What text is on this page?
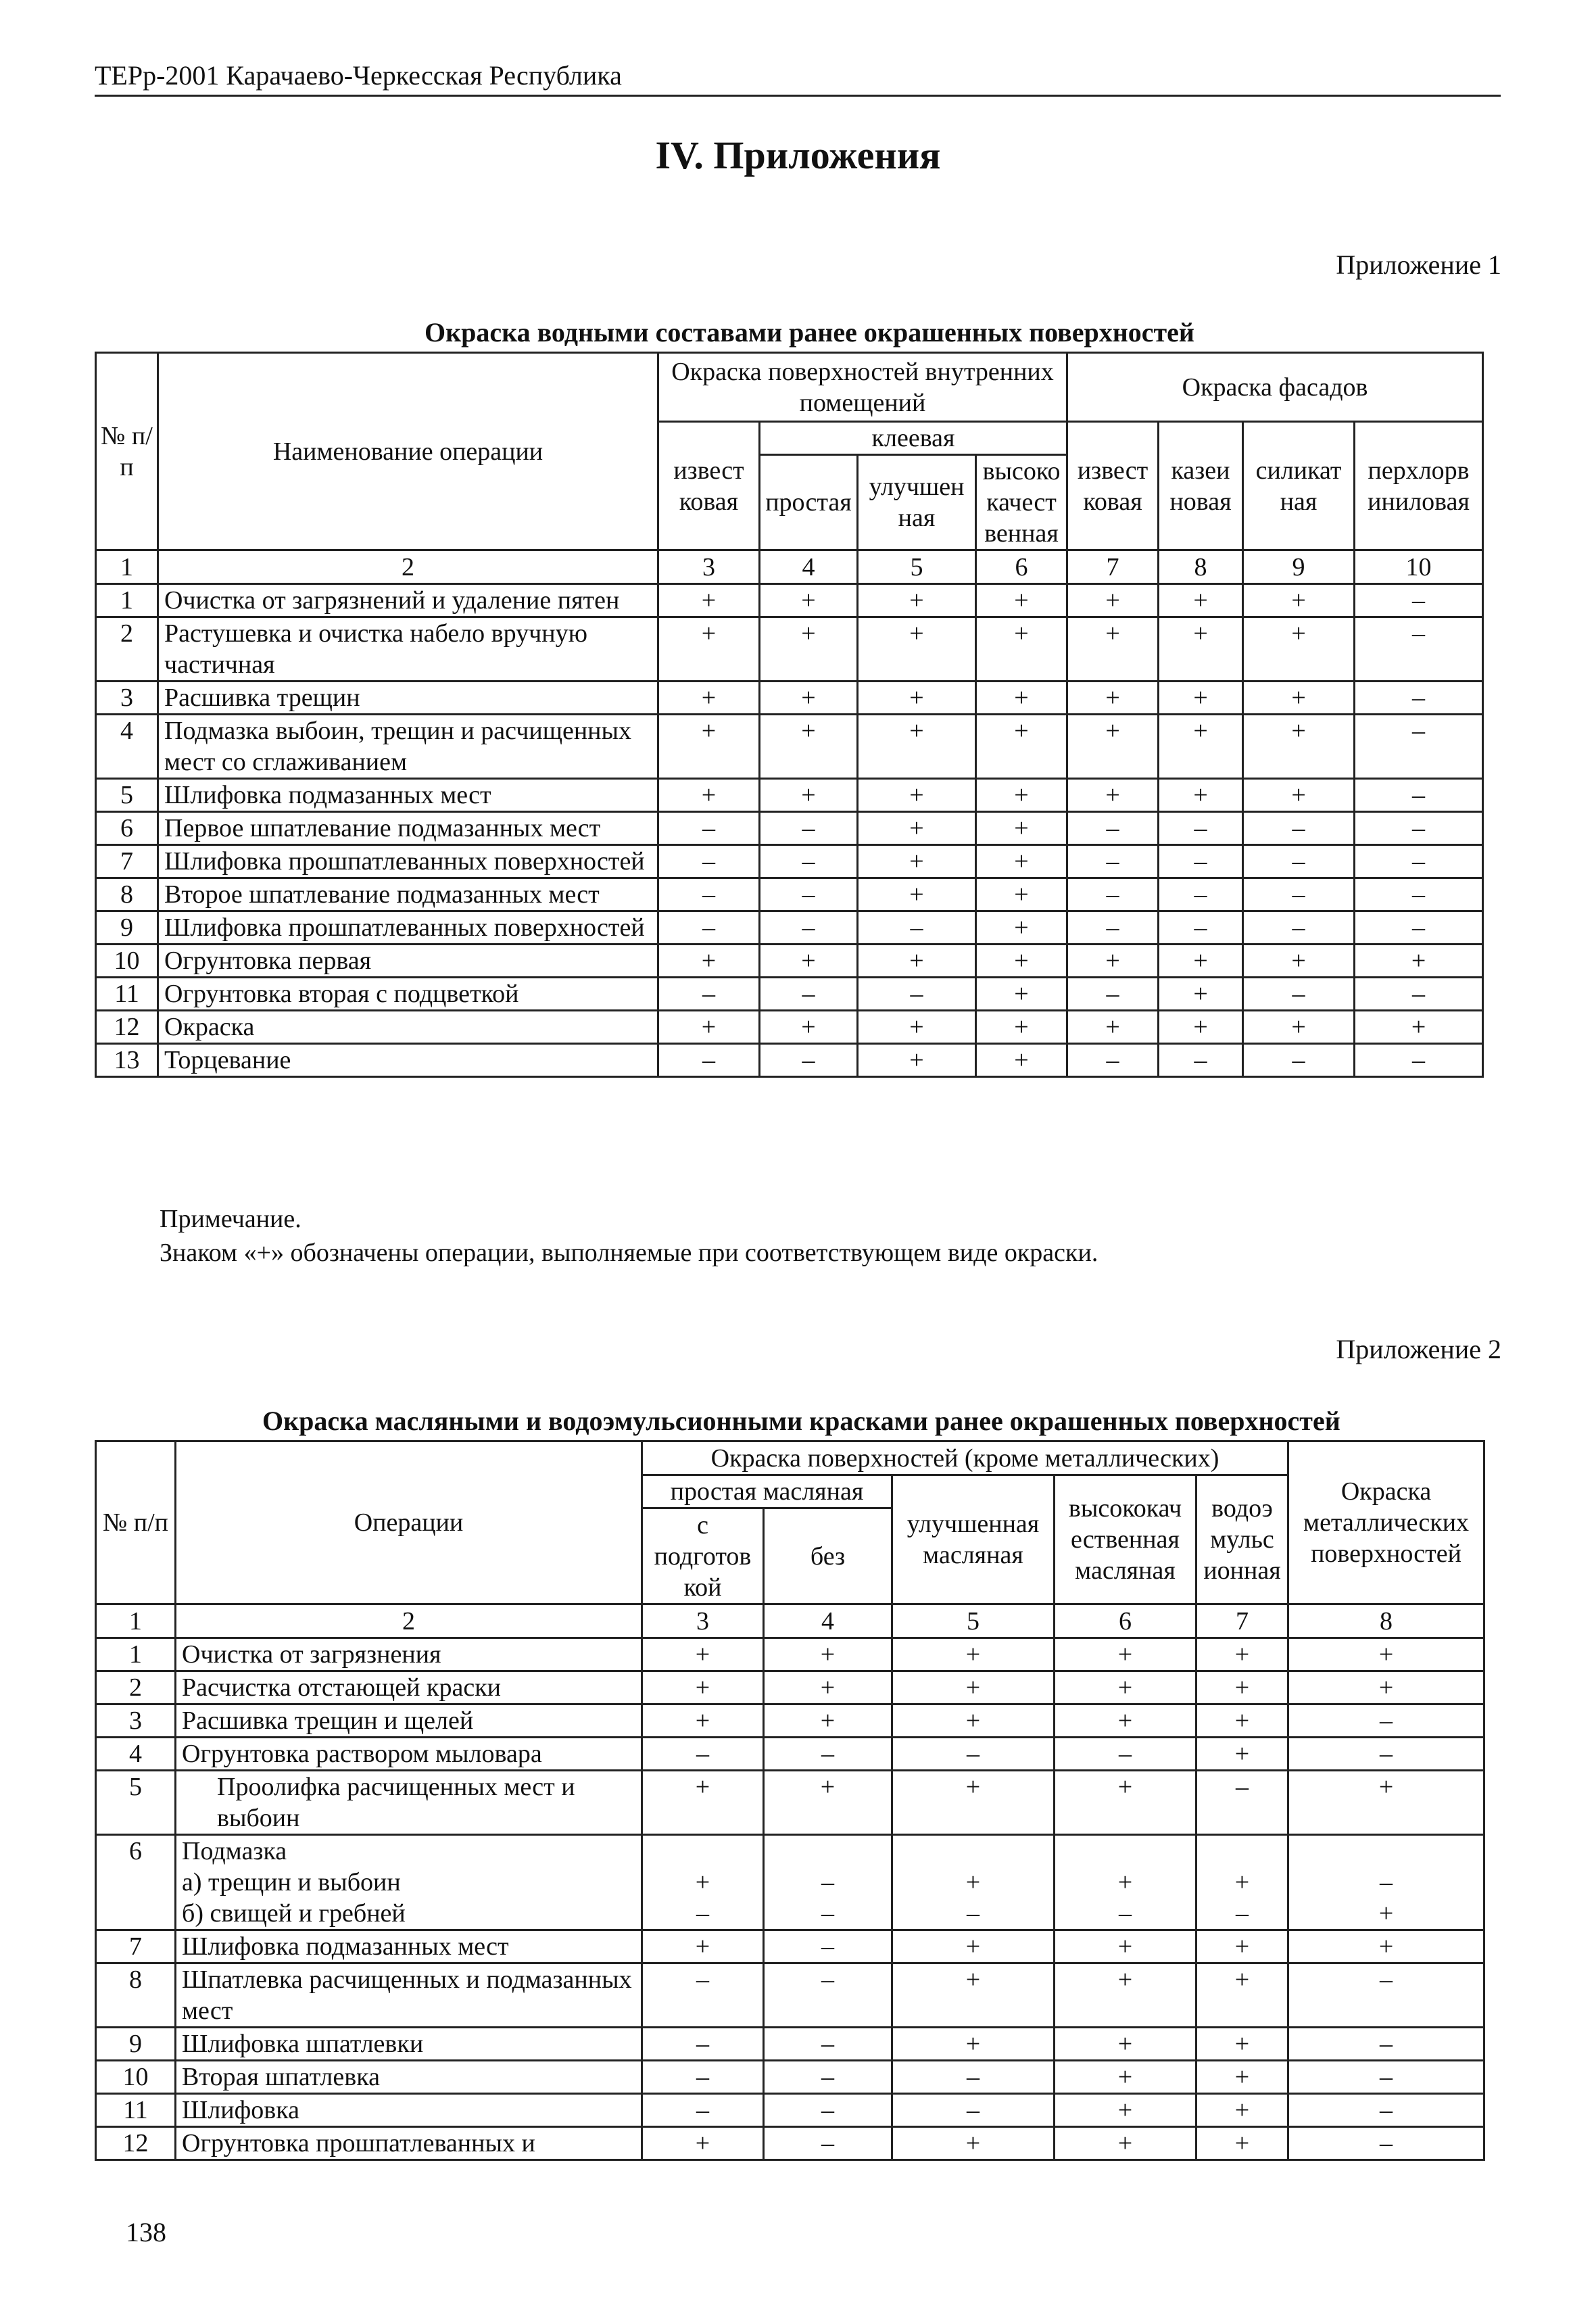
ТЕРр-2001 Карачаево-Черкесская Республика
IV. Приложения
Приложение 1
Окраска водными составами ранее окрашенных поверхностей
№ п/п	Наименование операции	Окраска поверхностей внутренних помещений				Окраска фасадов			
		извест ковая	клеевая			извест ковая	казеи новая	силикат ная	перхлорв иниловая
			простая	улучшен ная	высоко качест венная				
1	2	3	4	5	6	7	8	9	10
1	Очистка от загрязнений и удаление пятен	+	+	+	+	+	+	+	–
2	Растушевка и очистка набело вручную частичная	+	+	+	+	+	+	+	–
3	Расшивка трещин	+	+	+	+	+	+	+	–
4	Подмазка выбоин, трещин и расчищенных мест со сглаживанием	+	+	+	+	+	+	+	–
5	Шлифовка подмазанных мест	+	+	+	+	+	+	+	–
6	Первое шпатлевание подмазанных мест	–	–	+	+	–	–	–	–
7	Шлифовка прошпатлеванных поверхностей	–	–	+	+	–	–	–	–
8	Второе шпатлевание подмазанных мест	–	–	+	+	–	–	–	–
9	Шлифовка прошпатлеванных поверхностей	–	–	–	+	–	–	–	–
10	Огрунтовка первая	+	+	+	+	+	+	+	+
11	Огрунтовка вторая с подцветкой	–	–	–	+	–	+	–	–
12	Окраска	+	+	+	+	+	+	+	+
13	Торцевание	–	–	+	+	–	–	–	–
Примечание.
Знаком «+» обозначены операции, выполняемые при соответствующем виде окраски.
Приложение 2
Окраска масляными и водоэмульсионными красками ранее окрашенных поверхностей
№ п/п	Операции	Окраска поверхностей (кроме металлических)					Окраска металлических поверхностей
		простая масляная		улучшенная масляная	высококач ественная масляная	водоэ мульс ионная	
		с подготов кой	без				
1	2	3	4	5	6	7	8
1	Очистка от загрязнения	+	+	+	+	+	+
2	Расчистка отстающей краски	+	+	+	+	+	+
3	Расшивка трещин и щелей	+	+	+	+	+	–
4	Огрунтовка раствором мыловара	–	–	–	–	+	–
5	Проолифка расчищенных мест и выбоин	+	+	+	+	–	+
6	Подмазка						
	а) трещин и выбоин	+	–	+	+	+	–
	б) свищей и гребней	–	–	–	–	–	+
7	Шлифовка подмазанных мест	+	–	+	+	+	+
8	Шпатлевка расчищенных и подмазанных мест	–	–	+	+	+	–
9	Шлифовка шпатлевки	–	–	+	+	+	–
10	Вторая шпатлевка	–	–	–	+	+	–
11	Шлифовка	–	–	–	+	+	–
12	Огрунтовка прошпатлеванных и	+	–	+	+	+	–
138
